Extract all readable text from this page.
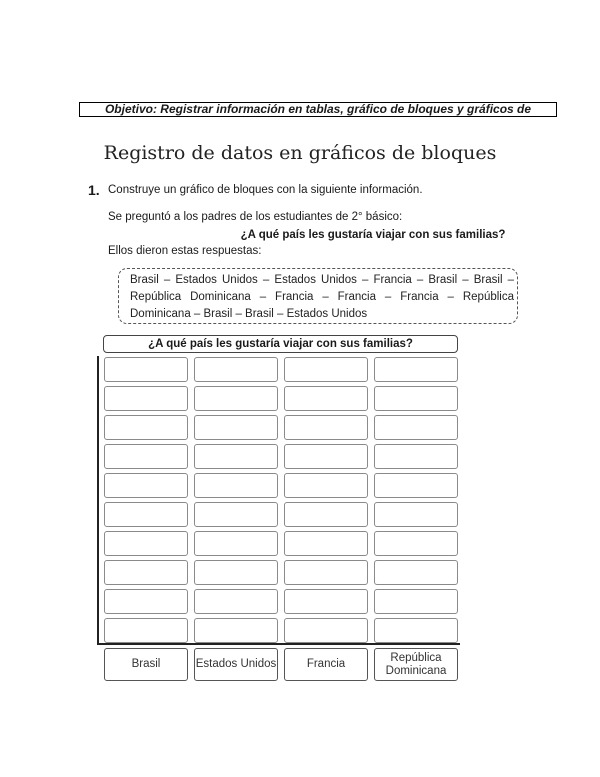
Objetivo: Registrar información en tablas, gráfico de bloques y gráficos de
Registro de datos en gráficos de bloques
1. Construye un gráfico de bloques con la siguiente información.
Se preguntó a los padres de los estudiantes de 2° básico:
¿A qué país les gustaría viajar con sus familias?
Ellos dieron estas respuestas:
Brasil – Estados Unidos – Estados Unidos – Francia – Brasil – Brasil – República Dominicana – Francia – Francia – Francia – República Dominicana – Brasil – Brasil – Estados Unidos
¿A qué país les gustaría viajar con sus familias?
Brasil	Estados Unidos	Francia
República Dominicana
